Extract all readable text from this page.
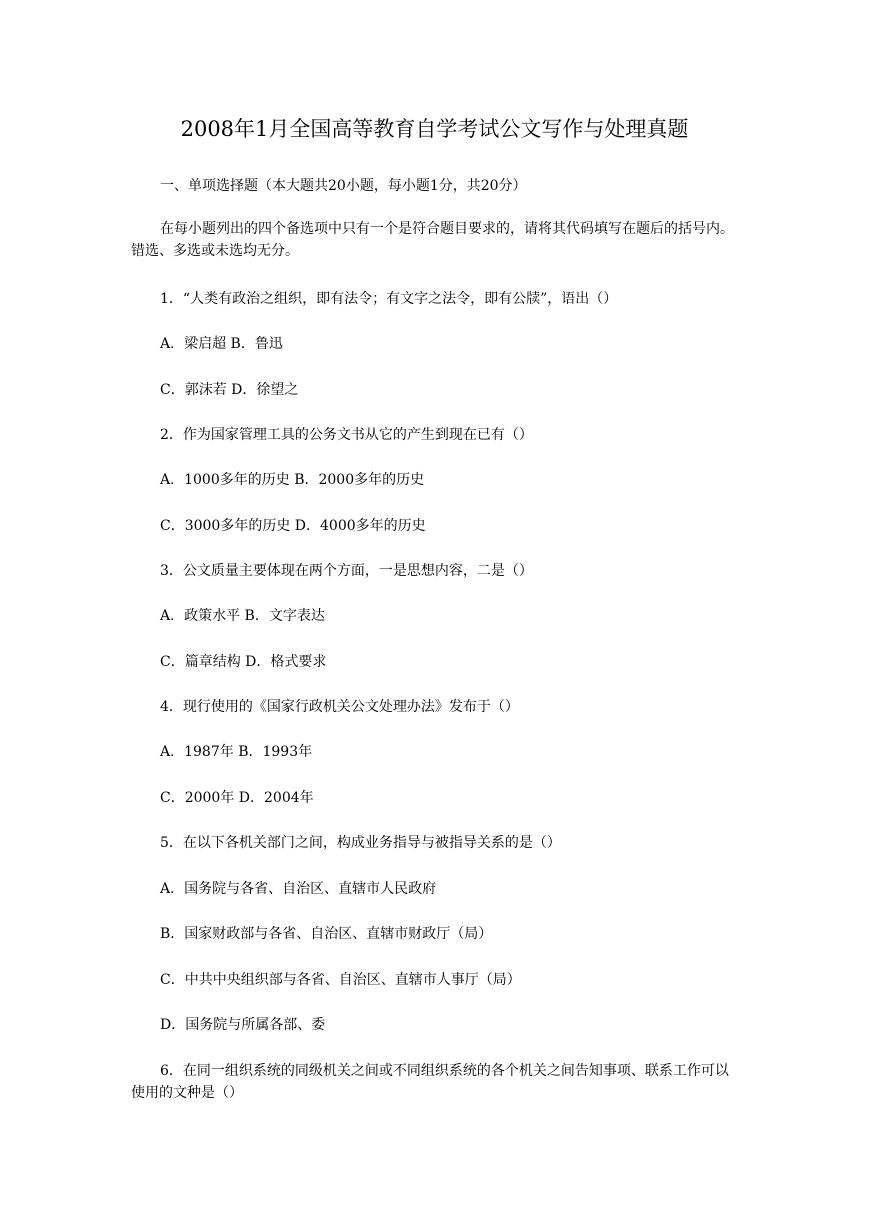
2008年1月全国高等教育自学考试公文写作与处理真题
一、单项选择题（本大题共20小题，每小题1分，共20分）
在每小题列出的四个备选项中只有一个是符合题目要求的，请将其代码填写在题后的括号内。错选、多选或未选均无分。
1．“人类有政治之组织，即有法令；有文字之法令，即有公牍”，语出（）
A．梁启超 B．鲁迅
C．郭沫若 D．徐望之
2．作为国家管理工具的公务文书从它的产生到现在已有（）
A．1000多年的历史 B．2000多年的历史
C．3000多年的历史 D．4000多年的历史
3．公文质量主要体现在两个方面，一是思想内容，二是（）
A．政策水平 B．文字表达
C．篇章结构 D．格式要求
4．现行使用的《国家行政机关公文处理办法》发布于（）
A．1987年 B．1993年
C．2000年 D．2004年
5．在以下各机关部门之间，构成业务指导与被指导关系的是（）
A．国务院与各省、自治区、直辖市人民政府
B．国家财政部与各省、自治区、直辖市财政厅（局）
C．中共中央组织部与各省、自治区、直辖市人事厅（局）
D．国务院与所属各部、委
6．在同一组织系统的同级机关之间或不同组织系统的各个机关之间告知事项、联系工作可以使用的文种是（）
